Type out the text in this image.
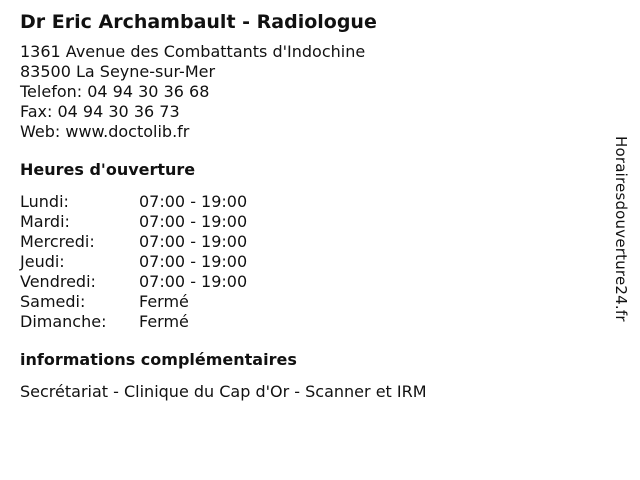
Dr Eric Archambault - Radiologue
1361 Avenue des Combattants d'Indochine
83500 La Seyne-sur-Mer
Telefon: 04 94 30 36 68
Fax: 04 94 30 36 73
Web: www.doctolib.fr
Heures d'ouverture
Lundi:	07:00 - 19:00
Mardi:	07:00 - 19:00
Mercredi:	07:00 - 19:00
Jeudi:	07:00 - 19:00
Vendredi:	07:00 - 19:00
Samedi:	Fermé
Dimanche:	Fermé
informations complémentaires
Secrétariat - Clinique du Cap d'Or - Scanner et IRM
Horairesdouverture24.fr
